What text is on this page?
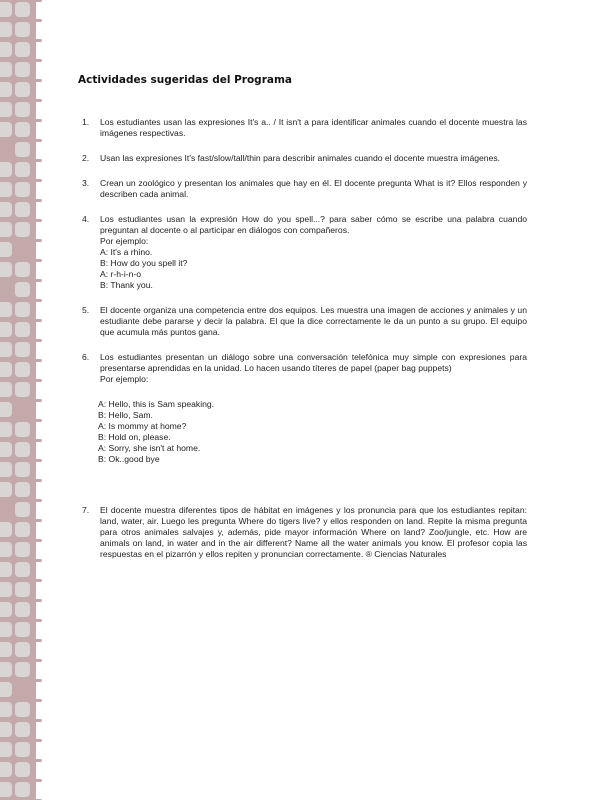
Actividades sugeridas del Programa
1. Los estudiantes usan las expresiones It's a.. / It isn't a para identificar animales cuando el docente muestra las imágenes respectivas.

2. Usan las expresiones It's fast/slow/tall/thin para describir animales cuando el docente muestra imágenes.

3. Crean un zoológico y presentan los animales que hay en él. El docente pregunta What is it? Ellos responden y describen cada animal.

4. Los estudiantes usan la expresión How do you spell...? para saber cómo se escribe una palabra cuando preguntan al docente o al participar en diálogos con compañeros.

Por ejemplo:
A: It's a rhino.
B: How do you spell it?
A: r-h-i-n-o
B: Thank you.
5. El docente organiza una competencia entre dos equipos. Les muestra una imagen de acciones y animales y un estudiante debe pararse y decir la palabra. El que la dice correctamente le da un punto a su grupo. El equipo que acumula más puntos gana.

6. Los estudiantes presentan un diálogo sobre una conversación telefónica muy simple con expresiones para presentarse aprendidas en la unidad. Lo hacen usando títeres de papel (paper bag puppets)

Por ejemplo:
A: Hello, this is Sam speaking.
B: Hello, Sam.
A: Is mommy at home?
B: Hold on, please.
A: Sorry, she isn't at home.
B: Ok..good bye
7. El docente muestra diferentes tipos de hábitat en imágenes y los pronuncia para que los estudiantes repitan: land, water, air. Luego les pregunta Where do tigers live? y ellos responden on land. Repite la misma pregunta para otros animales salvajes y, además, pide mayor información Where on land? Zoo/jungle, etc. How are animals on land, in water and in the air different? Name all the water animals you know. El profesor copia las respuestas en el pizarrón y ellos repiten y pronuncian correctamente. ® Ciencias Naturales
